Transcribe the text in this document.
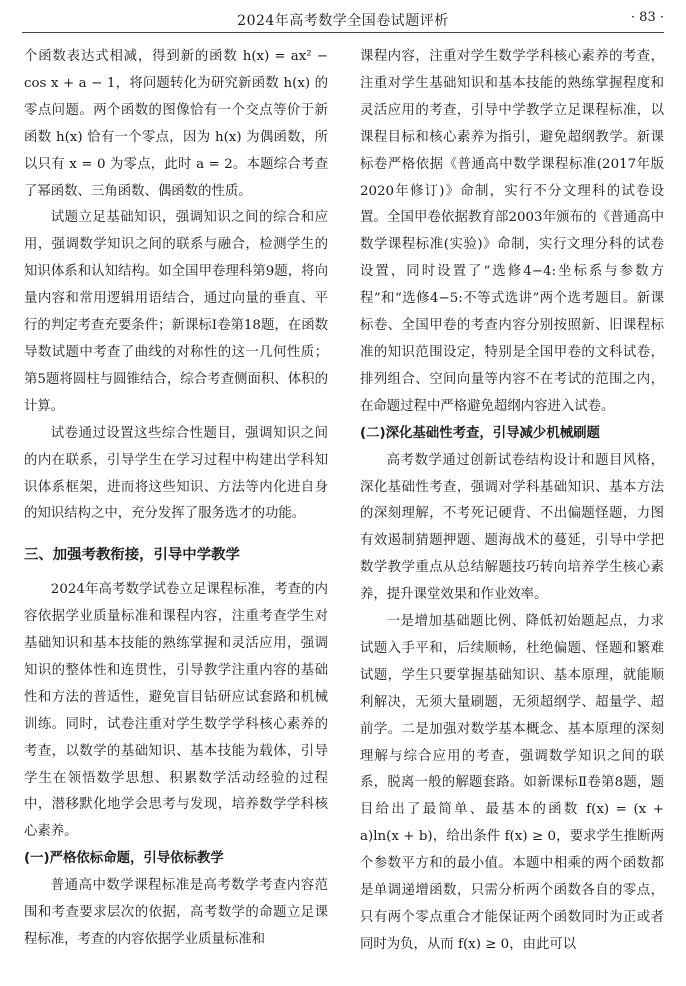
2024年高考数学全国卷试题评析	· 83 ·

个函数表达式相减，得到新的函数 h(x) = ax² − cos x + a − 1，将问题转化为研究新函数 h(x) 的零点问题。两个函数的图像恰有一个交点等价于新函数 h(x) 恰有一个零点，因为 h(x) 为偶函数，所以只有 x = 0 为零点，此时 a = 2。本题综合考查了幂函数、三角函数、偶函数的性质。

试题立足基础知识，强调知识之间的综合和应用，强调数学知识之间的联系与融合，检测学生的知识体系和认知结构。如全国甲卷理科第9题，将向量内容和常用逻辑用语结合，通过向量的垂直、平行的判定考查充要条件；新课标Ⅰ卷第18题，在函数导数试题中考查了曲线的对称性的这一几何性质；第5题将圆柱与圆锥结合，综合考查侧面积、体积的计算。

试卷通过设置这些综合性题目，强调知识之间的内在联系，引导学生在学习过程中构建出学科知识体系框架，进而将这些知识、方法等内化进自身的知识结构之中，充分发挥了服务选才的功能。

三、加强考教衔接，引导中学教学

2024年高考数学试卷立足课程标准，考查的内容依据学业质量标准和课程内容，注重考查学生对基础知识和基本技能的熟练掌握和灵活应用，强调知识的整体性和连贯性，引导教学注重内容的基础性和方法的普适性，避免盲目钻研应试套路和机械训练。同时，试卷注重对学生数学学科核心素养的考查，以数学的基础知识、基本技能为载体，引导学生在领悟数学思想、积累数学活动经验的过程中，潜移默化地学会思考与发现，培养数学学科核心素养。

(一)严格依标命题，引导依标教学

普通高中数学课程标准是高考数学考查内容范围和考查要求层次的依据，高考数学的命题立足课程标准，考查的内容依据学业质量标准和

课程内容，注重对学生数学学科核心素养的考查，注重对学生基础知识和基本技能的熟练掌握程度和灵活应用的考查，引导中学教学立足课程标准，以课程目标和核心素养为指引，避免超纲教学。新课标卷严格依据《普通高中数学课程标准(2017年版2020年修订)》命制，实行不分文理科的试卷设置。全国甲卷依据教育部2003年颁布的《普通高中数学课程标准(实验)》命制，实行文理分科的试卷设置，同时设置了“选修4−4:坐标系与参数方程”和“选修4−5:不等式选讲”两个选考题目。新课标卷、全国甲卷的考查内容分别按照新、旧课程标准的知识范围设定，特别是全国甲卷的文科试卷，排列组合、空间向量等内容不在考试的范围之内，在命题过程中严格避免超纲内容进入试卷。

(二)深化基础性考查，引导减少机械刷题

高考数学通过创新试卷结构设计和题目风格，深化基础性考查，强调对学科基础知识、基本方法的深刻理解，不考死记硬背、不出偏题怪题，力图有效遏制猜题押题、题海战术的蔓延，引导中学把数学教学重点从总结解题技巧转向培养学生核心素养，提升课堂效果和作业效率。

一是增加基础题比例、降低初始题起点，力求试题入手平和，后续顺畅，杜绝偏题、怪题和繁难试题，学生只要掌握基础知识、基本原理，就能顺利解决，无须大量刷题，无须超纲学、超量学、超前学。二是加强对数学基本概念、基本原理的深刻理解与综合应用的考查，强调数学知识之间的联系，脱离一般的解题套路。如新课标Ⅱ卷第8题，题目给出了最简单、最基本的函数 f(x) = (x + a)ln(x + b)，给出条件 f(x) ≥ 0，要求学生推断两个参数平方和的最小值。本题中相乘的两个函数都是单调递增函数，只需分析两个函数各自的零点，只有两个零点重合才能保证两个函数同时为正或者同时为负，从而 f(x) ≥ 0，由此可以
